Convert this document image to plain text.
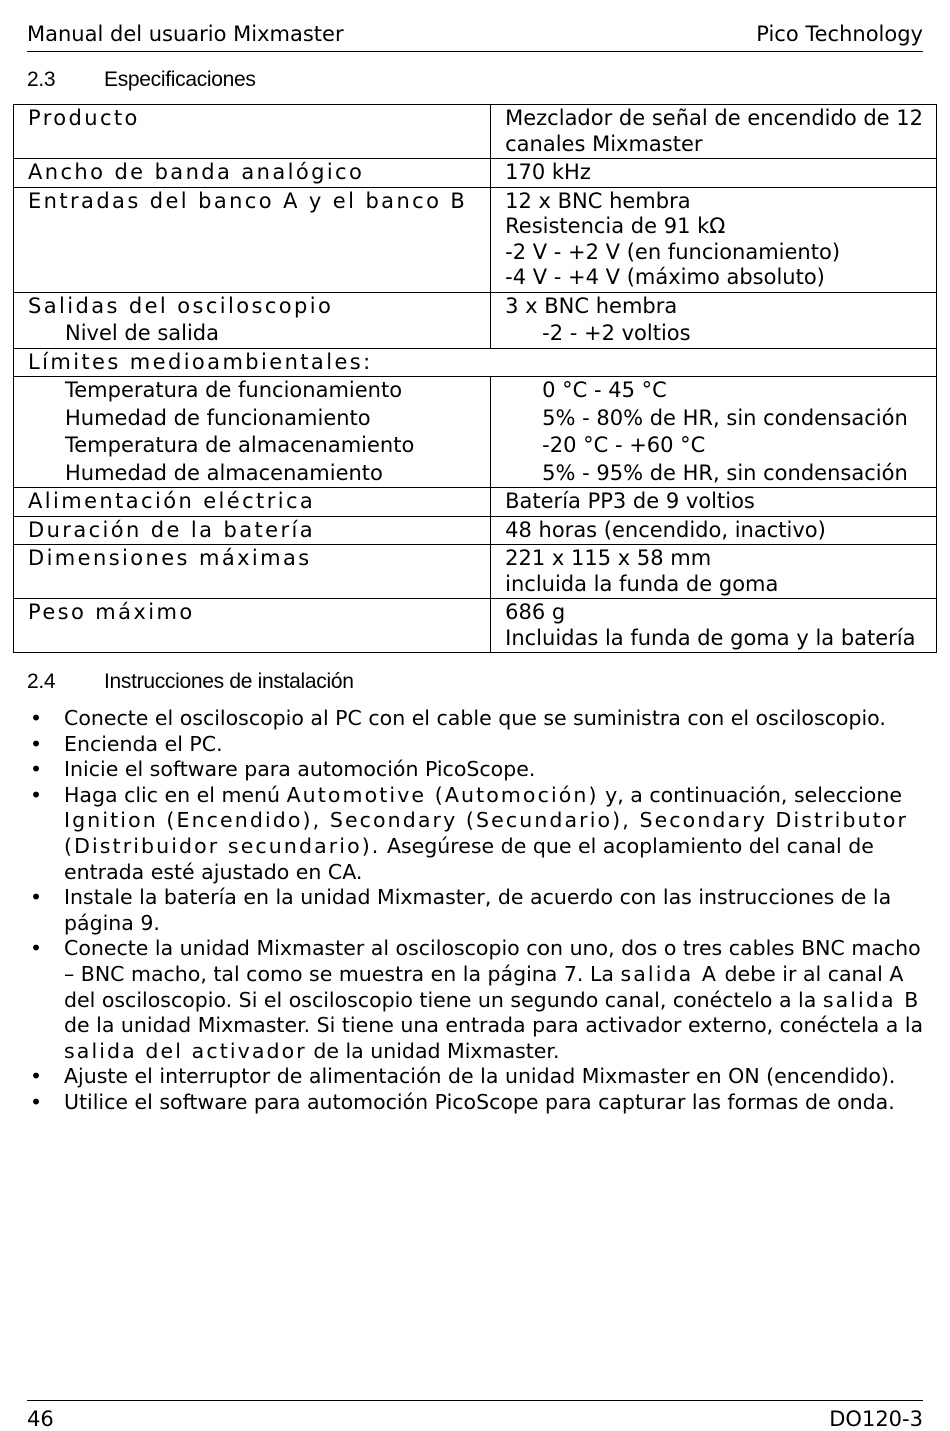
Manual del usuario Mixmaster	Pico Technology
2.3 Especificaciones
Producto	Mezclador de señal de encendido de 12
canales Mixmaster

Ancho de banda analógico	170 kHz

Entradas del banco A y el banco B	12 x BNC hembra
Resistencia de 91 kΩ
-2 V - +2 V (en funcionamiento)
-4 V - +4 V (máximo absoluto)

Salidas del osciloscopio	3 x BNC hembra

Nivel de salida	-2 - +2 voltios

Límites medioambientales:	
Temperatura de funcionamiento	0 °C - 45 °C

Humedad de funcionamiento	5% - 80% de HR, sin condensación

Temperatura de almacenamiento	-20 °C - +60 °C

Humedad de almacenamiento	5% - 95% de HR, sin condensación

Alimentación eléctrica	Batería PP3 de 9 voltios

Duración de la batería	48 horas (encendido, inactivo)

Dimensiones máximas	221 x 115 x 58 mm
incluida la funda de goma

Peso máximo	686 g
Incluidas la funda de goma y la batería
2.4 Instrucciones de instalación
• Conecte el osciloscopio al PC con el cable que se suministra con el osciloscopio.
• Encienda el PC.
• Inicie el software para automoción PicoScope.
• Haga clic en el menú Automotive (Automoción) y, a continuación, seleccione Ignition (Encendido), Secondary (Secundario), Secondary Distributor (Distribuidor secundario). Asegúrese de que el acoplamiento del canal de entrada esté ajustado en CA.
• Instale la batería en la unidad Mixmaster, de acuerdo con las instrucciones de la página 9.
• Conecte la unidad Mixmaster al osciloscopio con uno, dos o tres cables BNC macho – BNC macho, tal como se muestra en la página 7. La salida A debe ir al canal A del osciloscopio. Si el osciloscopio tiene un segundo canal, conéctelo a la salida B de la unidad Mixmaster. Si tiene una entrada para activador externo, conéctela a la salida del activador de la unidad Mixmaster.
• Ajuste el interruptor de alimentación de la unidad Mixmaster en ON (encendido).
• Utilice el software para automoción PicoScope para capturar las formas de onda.
46	DO120-3
